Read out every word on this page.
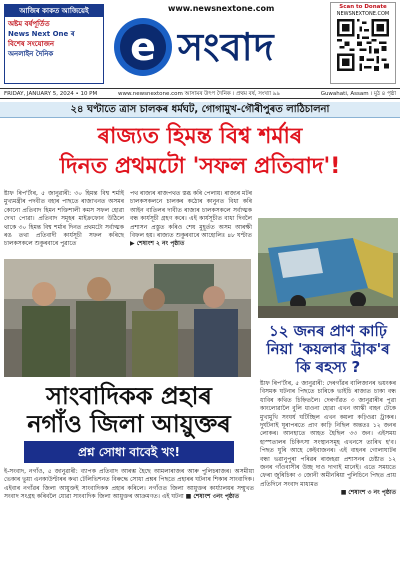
আজিৰ কাকত আজিয়েই
অষ্টম বৰ্ষপূৰ্তিত
News Next One ৰ
বিশেষ সংযোজন
অনলাইন দৈনিক
www.newsnextone.com
e সংবাদ
Scan to Donate
NEWSNEXTONE.COM
FRIDAY, JANUARY 5, 2024 • 10 PM	www.newsnextone.com আসামৰ উৎপ দৈনিক । প্ৰথম বৰ্ষ, সংখ্যা ৯৯	Guwahati, Assam । মুঠ ৪ পৃষ্ঠা
২৪ ঘণ্টাতে ত্ৰাস চালকৰ ধৰ্মঘট, গোগামুখ-গৌৰীপুৰত লাঠিচালনা
ৰাজ্যত হিমন্ত বিশ্ব শৰ্মাৰ
দিনত প্ৰথমটো 'সফল প্ৰতিবাদ'!
ষ্টাফ ৰিপ'ৰ্টাৰ, ৫ জানুৱাৰী: ৩০ হিমন্ত বিশ্ব শৰ্মাই মুখ্যমন্ত্ৰীৰ পদবীত বহাৰ পাছতে ৰাজ্যখনত অসমৰ কোনো প্ৰতিবাদ হিমন শক্তিশালী কমস সফল হোৱা দেখা পোৱা। প্ৰতিবাদ সমূহৰ মাইক্ৰফোন উঠিলে থাকে ৩০ হিমন্ত বিশ্ব শৰ্মাৰ দিনত প্ৰথমটো সৰ্বাত্মক ৰঙ তথা প্ৰতিবাদী কাৰ্যসূচী সফল কৰিছে চালকসকলে শুকুৰবাৰে পুৱাতে
পথ ৰাজ্যৰ ৰাজপথত স্তব্ধ কৰি পেলায়। ৰাজ্যৰ মটৰ চালকসকলনে চালকৰ কঠোৰ কানুনত বিধা কৰি আইন বাতিলৰ দাবীত ৰাজ্যৰ চালকসকলে সৰ্বাত্মক বন্ধ কাৰ্যসূচী গ্ৰহণ কৰে। এই কাৰ্যসূচীত বাধা দিবলৈ প্ৰশাসন প্ৰস্তুত কৰিও শেষ মুহূৰ্তত অসম আৰক্ষী বিফল হয়। ৰাজ্যত শুকুৰবাৰে আহোলিঃ ৪৮ ঘণ্টাত ▶ শেষাংশ ২ নং পৃষ্ঠাত
১২ জনৰ প্ৰাণ কাঢ়ি নিয়া 'কয়লাৰ ট্ৰাক'ৰ কি ৰহস্য ?
ষ্টাফ ৰিপ'ৰ্টাৰ, ৫ জানুৱাৰী: দেৰগাঁৱৰ বালিজানৰ ভয়ংকৰ বিসমক ঘটনাৰ পিছতে চাৰিকে ভাইচি ৰাজ্যত চাকা বন্ধ ধাবিৰ কথিত চিহ্নিতলৈ। দেৰগাঁৱত ৩ জানুৱাৰীৰ পুৱা কাংলোৱালৈ বুলি ধাওনা হোৱা এখন আস্কী বাহন টেকে মুখামুখি সংঘৰ্ষ ঘটিচ্ছিল এখন কয়লা কঢ়িওৱা ট্ৰাকৰ। দুৰ্ঘটনাই ঘূৰাপৰতে প্ৰাণ কাঢ়ি নিছিল অন্ততঃ ১২ জনৰ লোকৰ। আনহাতে আহত হৈছিল ৩৩ জন। এইসময় হাস্পতালৰ চিকিৎসা সংস্থানসমূহ এখনসে তাৰিখ হ'ব। পিছত ঘুৰি আহে কেইবাজনৰ। এই বাহনৰ গোলাঘাটৰ বন্ধা ভৱানুপুৰা পৰিৱৰ ৰাজহৱা প্ৰশাসনৰ চেষ্টাত ১২ জনৰ গাঁওবাসীৰ উচ্ছ দাও দাগাই মানেই। এতে সময়তে ফেৰা জুৰিচিকা ৩ জোনী অমীনৰিয়া পুলিচিনে পিছত প্ৰায় প্ৰতিদিনে সংবাদ মাধ্যমত
■ শেষাংশ ৩ নং পৃষ্ঠাত
সাংবাদিকক প্ৰহাৰ
নগাঁও জিলা আয়ুক্তৰ
প্ৰশ্ন সোধা বাবেই খং!
ই-সংবাদ, নগাঁও, ৫ জানুৱাৰী: ব্যাপক প্ৰতিবাদ আৰম্ভ হৈছে আমলাৰাজৰ আৰু পুলিচৰাজৰ। অসমীয়া ভেকাৰ ভুয়া এনকাউণ্টাৰৰ কথা টেলিভিশনত বিৰুদ্ধে সোধা প্ৰশ্নৰ পিছতে প্ৰহাৰৰ ঘটনাৰ শিকাৰ সাংবাদিক। এইবাৰ নগাঁৱৰ জিলা আয়ুক্তই সাংবাদিকক প্ৰহাৰ কৰিলে। নগাঁওত জিলা আয়ুক্তৰ কাৰ্য্যালয়ৰ সন্মুখত সংবাদ সংগ্ৰহ কৰিবলৈ যোৱা সাংবাদিক জিলা আয়ুক্তৰ আক্ৰমণত। এই ঘটনা ■ শেষাংশ ৩নং পৃষ্ঠাত
